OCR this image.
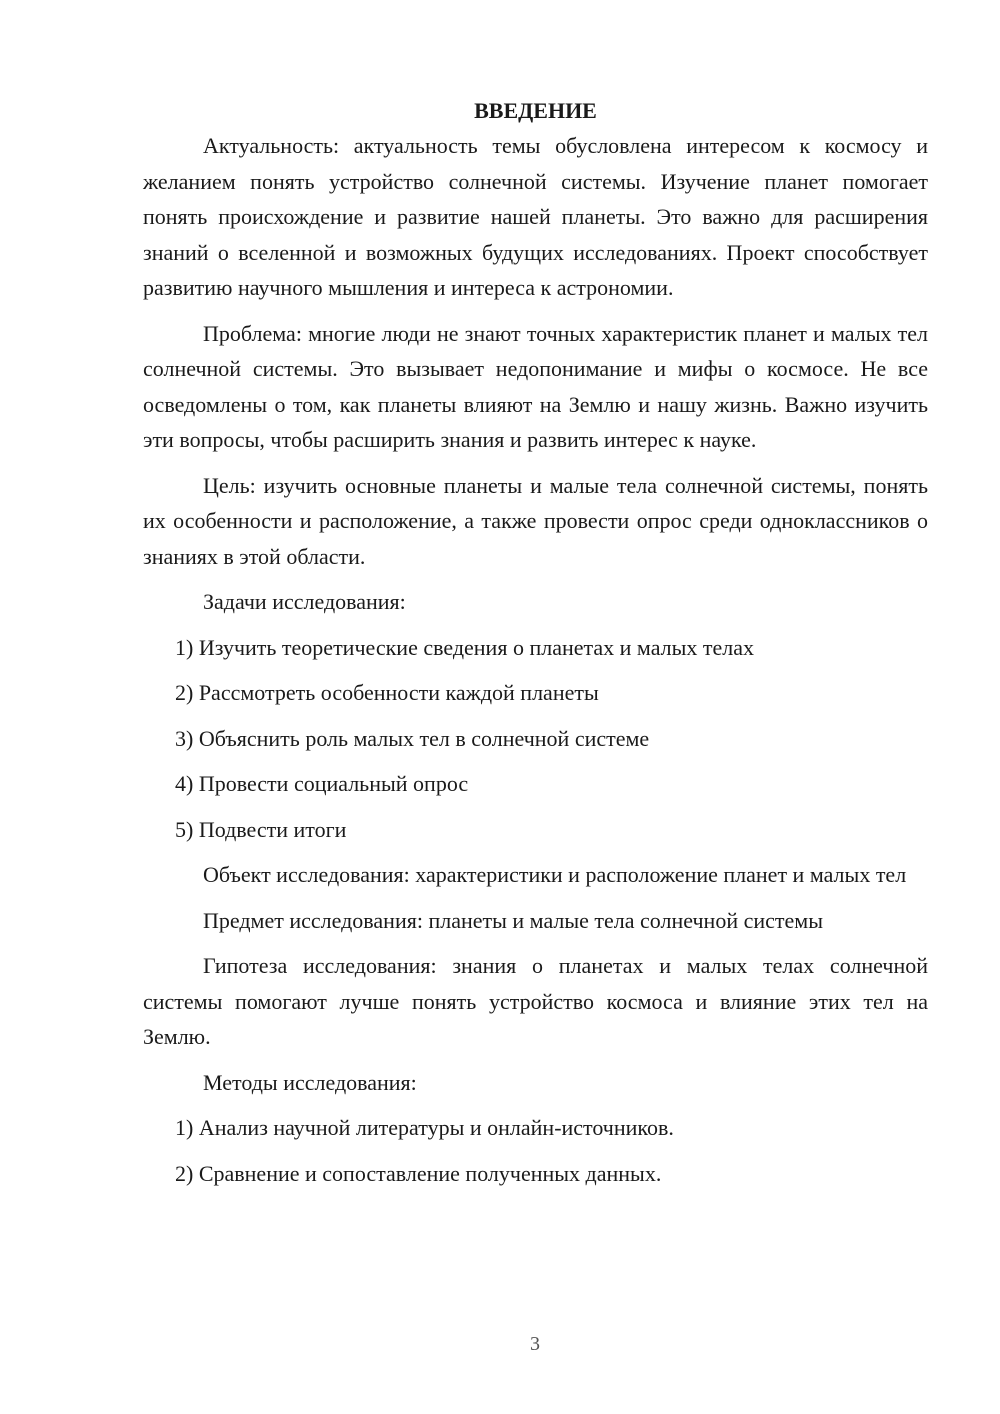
ВВЕДЕНИЕ

Актуальность: актуальность темы обусловлена интересом к космосу и желанием понять устройство солнечной системы. Изучение планет помогает понять происхождение и развитие нашей планеты. Это важно для расширения знаний о вселенной и возможных будущих исследованиях. Проект способствует развитию научного мышления и интереса к астрономии.

Проблема: многие люди не знают точных характеристик планет и малых тел солнечной системы. Это вызывает недопонимание и мифы о космосе. Не все осведомлены о том, как планеты влияют на Землю и нашу жизнь. Важно изучить эти вопросы, чтобы расширить знания и развить интерес к науке.

Цель: изучить основные планеты и малые тела солнечной системы, понять их особенности и расположение, а также провести опрос среди одноклассников о знаниях в этой области.

Задачи исследования:

1) Изучить теоретические сведения о планетах и малых телах

2) Рассмотреть особенности каждой планеты

3) Объяснить роль малых тел в солнечной системе

4) Провести социальный опрос

5) Подвести итоги

Объект исследования: характеристики и расположение планет и малых тел

Предмет исследования: планеты и малые тела солнечной системы

Гипотеза исследования: знания о планетах и малых телах солнечной системы помогают лучше понять устройство космоса и влияние этих тел на Землю.

Методы исследования:

1) Анализ научной литературы и онлайн-источников.

2) Сравнение и сопоставление полученных данных.

3
